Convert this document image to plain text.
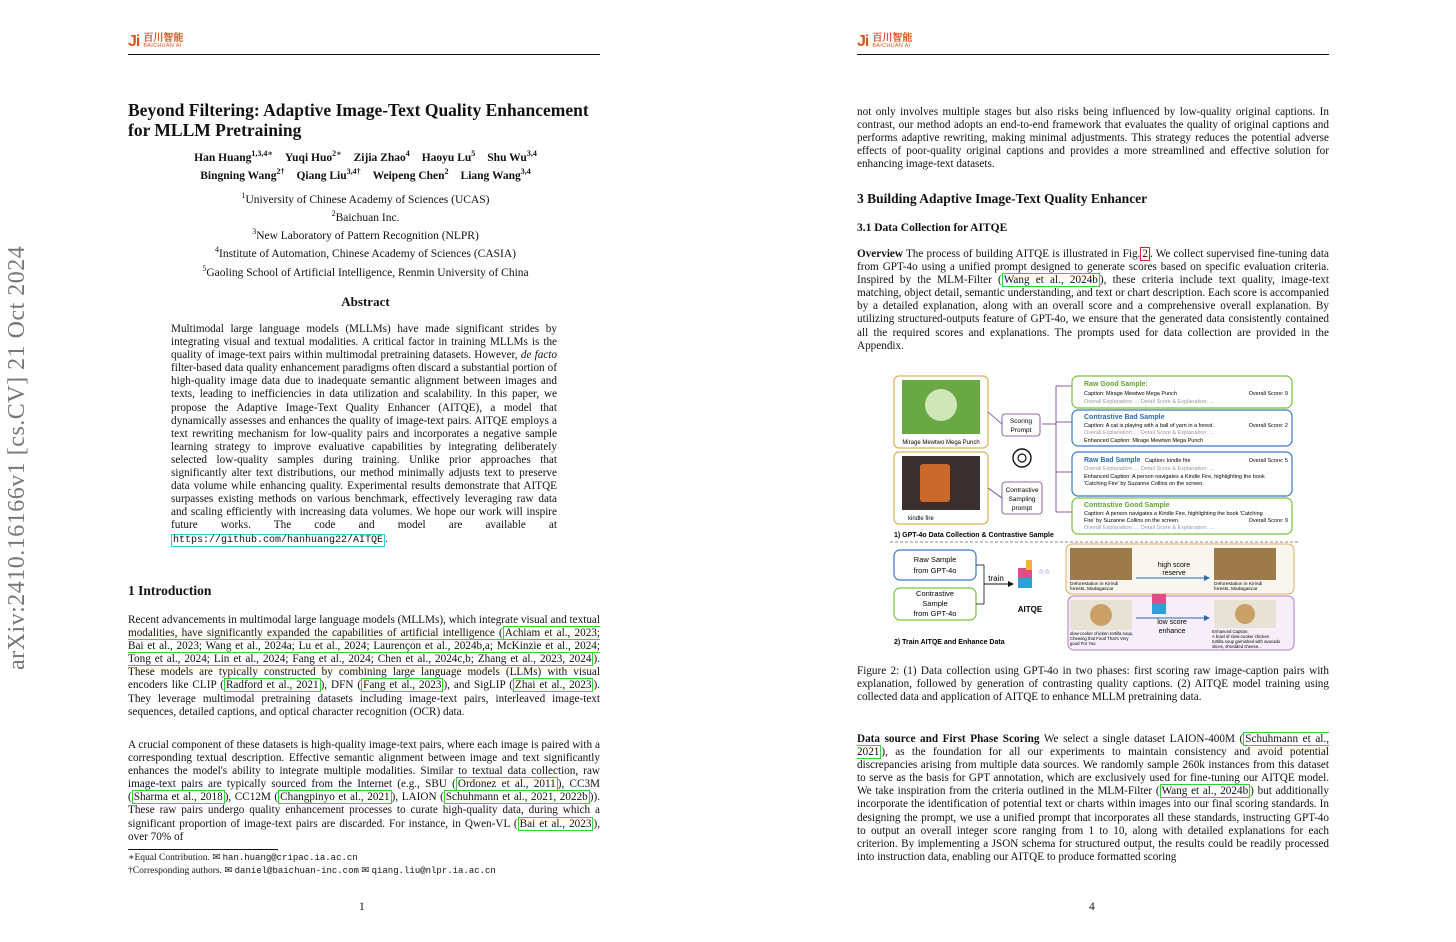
Ji 百川智能
BAICHUAN AI
arXiv:2410.16166v1 [cs.CV] 21 Oct 2024
Beyond Filtering: Adaptive Image-Text Quality Enhancement
for MLLM Pretraining
Han Huang$^{1,3,4∗}$ Yuqi Huo$^{2∗}$ Zijia Zhao$^4$ Haoyu Lu$^5$ Shu Wu$^{3,4}$
Bingning Wang$^{2\dagger}$ Qiang Liu$^{3,4\dagger}$ Weipeng Chen$^2$ Liang Wang$^{3,4}$
$^1$University of Chinese Academy of Sciences (UCAS)
$^2$Baichuan Inc.
$^3$New Laboratory of Pattern Recognition (NLPR)
$^4$Institute of Automation, Chinese Academy of Sciences (CASIA)
$^5$Gaoling School of Artificial Intelligence, Renmin University of China
Abstract
Multimodal large language models (MLLMs) have made significant strides by integrating visual and textual modalities. A critical factor in training MLLMs is the quality of image-text pairs within multimodal pretraining datasets. However, de facto filter-based data quality enhancement paradigms often discard a substantial portion of high-quality image data due to inadequate semantic alignment between images and texts, leading to inefficiencies in data utilization and scalability. In this paper, we propose the Adaptive Image-Text Quality Enhancer (AITQE), a model that dynamically assesses and enhances the quality of image-text pairs. AITQE employs a text rewriting mechanism for low-quality pairs and incorporates a negative sample learning strategy to improve evaluative capabilities by integrating deliberately selected low-quality samples during training. Unlike prior approaches that significantly alter text distributions, our method minimally adjusts text to preserve data volume while enhancing quality. Experimental results demonstrate that AITQE surpasses existing methods on various benchmark, effectively leveraging raw data and scaling efficiently with increasing data volumes. We hope our work will inspire future works. The code and model are available at https://github.com/hanhuang22/AITQE .
1 Introduction
Recent advancements in multimodal large language models (MLLMs), which integrate visual and textual modalities, have significantly expanded the capabilities of artificial intelligence ( Achiam et al., 2023; Bai et al., 2023; Wang et al., 2024a; Lu et al., 2024; Laurençon et al., 2024b,a; McKinzie et al., 2024; Tong et al., 2024; Lin et al., 2024; Fang et al., 2024; Chen et al., 2024c,b; Zhang et al., 2023, 2024 ). These models are typically constructed by combining large language models (LLMs) with visual encoders like CLIP ( Radford et al., 2021 ), DFN ( Fang et al., 2023 ), and SigLIP ( Zhai et al., 2023 ). They leverage multimodal pretraining datasets including image-text pairs, interleaved image-text sequences, detailed captions, and optical character recognition (OCR) data.
A crucial component of these datasets is high-quality image-text pairs, where each image is paired with a corresponding textual description. Effective semantic alignment between image and text significantly enhances the model's ability to integrate multiple modalities. Similar to textual data collection, raw image-text pairs are typically sourced from the Internet (e.g., SBU ( Ordonez et al., 2011 ), CC3M ( Sharma et al., 2018 ), CC12M ( Changpinyo et al., 2021 ), LAION ( Schuhmann et al., 2021, 2022b )). These raw pairs undergo quality enhancement processes to curate high-quality data, during which a significant proportion of image-text pairs are discarded. For instance, in Qwen-VL ( Bai et al., 2023 ), over 70% of
∗Equal Contribution. ✉ han.huang@cripac.ia.ac.cn
†Corresponding authors. ✉ daniel@baichuan-inc.com ✉ qiang.liu@nlpr.ia.ac.cn
1
Ji 百川智能
BAICHUAN AI
not only involves multiple stages but also risks being influenced by low-quality original captions. In contrast, our method adopts an end-to-end framework that evaluates the quality of original captions and performs adaptive rewriting, making minimal adjustments. This strategy reduces the potential adverse effects of poor-quality original captions and provides a more streamlined and effective solution for enhancing image-text datasets.
3 Building Adaptive Image-Text Quality Enhancer
3.1 Data Collection for AITQE
Overview The process of building AITQE is illustrated in Fig. 2 . We collect supervised fine-tuning data from GPT-4o using a unified prompt designed to generate scores based on specific evaluation criteria. Inspired by the MLM-Filter ( Wang et al., 2024b ), these criteria include text quality, image-text matching, object detail, semantic understanding, and text or chart description. Each score is accompanied by a detailed explanation, along with an overall score and a comprehensive overall explanation. By utilizing structured-outputs feature of GPT-4o, we ensure that the generated data consistently contained all the required scores and explanations. The prompts used for data collection are provided in the Appendix.
Mirage Mewtwo Mega Punch
kindle fire
Scoring
Prompt
Contrastive
Sampling
prompt
Raw Good Sample:
Caption: Mirage Mewtwo Mega Punch	Overall Score: 9
Overall Explanation: ... Detail Score & Explanation: ...
Contrastive Bad Sample
Caption: A cat is playing with a ball of yarn in a forest.	Overall Score: 2
Overall Explanation: ... Detail Score & Explanation: ...
Enhanced Caption: Mirage Mewtwo Mega Punch
Raw Bad Sample Caption: kindle fire	Overall Score: 5
Overall Explanation: ... Detail Score & Explanation: ...
Enhanced Caption: A person navigates a Kindle Fire, highlighting the book
'Catching Fire' by Suzanne Collins on the screen.
Contrastive Good Sample
Caption: A person navigates a Kindle Fire, highlighting the book 'Catching
Fire' by Suzanne Collins on the screen.	Overall Score: 9
Overall Explanation: ... Detail Score & Explanation: ...
1) GPT-4o Data Collection & Contrastive Sample
Raw Sample
from GPT-4o
Contrastive
Sample
from GPT-4o
train
☆☆
AITQE
Deforestation in Kirindi
forests, Madagascar
high score
reserve
Deforestation in Kirindi
forests, Madagascar
slow-cooker chicken tortilla soup,
Chewing that Food That's Very
good For You
low score
enhance	Enhanced Caption:
A bowl of slow-cooker chicken
tortilla soup garnished with avocado
slices, shredded cheese...
2) Train AITQE and Enhance Data
Figure 2: (1) Data collection using GPT-4o in two phases: first scoring raw image-caption pairs with explanation, followed by generation of contrasting quality captions. (2) AITQE model training using collected data and application of AITQE to enhance MLLM pretraining data.
Data source and First Phase Scoring We select a single dataset LAION-400M ( Schuhmann et al., 2021 ), as the foundation for all our experiments to maintain consistency and avoid potential discrepancies arising from multiple data sources. We randomly sample 260k instances from this dataset to serve as the basis for GPT annotation, which are exclusively used for fine-tuning our AITQE model. We take inspiration from the criteria outlined in the MLM-Filter ( Wang et al., 2024b ) but additionally incorporate the identification of potential text or charts within images into our final scoring standards. In designing the prompt, we use a unified prompt that incorporates all these standards, instructing GPT-4o to output an overall integer score ranging from 1 to 10, along with detailed explanations for each criterion. By implementing a JSON schema for structured output, the results could be readily processed into instruction data, enabling our AITQE to produce formatted scoring
4
